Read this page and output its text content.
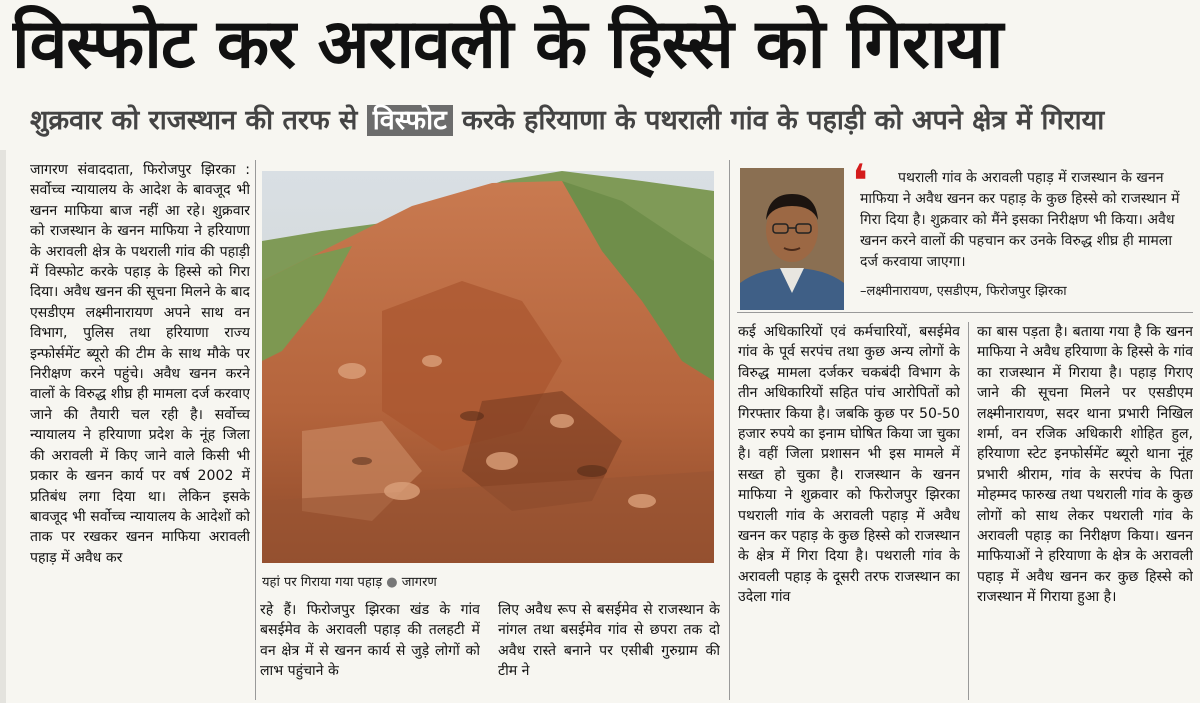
विस्फोट कर अरावली के हिस्से को गिराया
शुक्रवार को राजस्थान की तरफ से विस्फोट करके हरियाणा के पथराली गांव के पहाड़ी को अपने क्षेत्र में गिराया

जागरण संवाददाता, फिरोजपुर झिरका : सर्वोच्च न्यायालय के आदेश के बावजूद भी खनन माफिया बाज नहीं आ रहे। शुक्रवार को राजस्थान के खनन माफिया ने हरियाणा के अरावली क्षेत्र के पथराली गांव की पहाड़ी में विस्फोट करके पहाड़ के हिस्से को गिरा दिया। अवैध खनन की सूचना मिलने के बाद एसडीएम लक्ष्मीनारायण अपने साथ वन विभाग, पुलिस तथा हरियाणा राज्य इन्फोर्समेंट ब्यूरो की टीम के साथ मौके पर निरीक्षण करने पहुंचे। अवैध खनन करने वालों के विरुद्ध शीघ्र ही मामला दर्ज करवाए जाने की तैयारी चल रही है। सर्वोच्च न्यायालय ने हरियाणा प्रदेश के नूंह जिला की अरावली में किए जाने वाले किसी भी प्रकार के खनन कार्य पर वर्ष 2002 में प्रतिबंध लगा दिया था। लेकिन इसके बावजूद भी सर्वोच्च न्यायालय के आदेशों को ताक पर रखकर खनन माफिया अरावली पहाड़ में अवैध कर

यहां पर गिराया गया पहाड़ ● जागरण

रहे हैं। फिरोजपुर झिरका खंड के गांव बसईमेव के अरावली पहाड़ की तलहटी में वन क्षेत्र में से खनन कार्य से जुड़े लोगों को लाभ पहुंचाने के

लिए अवैध रूप से बसईमेव से राजस्थान के नांगल तथा बसईमेव गांव से छपरा तक दो अवैध रास्ते बनाने पर एसीबी गुरुग्राम की टीम ने

❛	पथराली गांव के अरावली पहाड़ में राजस्थान के खनन माफिया ने अवैध खनन कर पहाड़ के कुछ हिस्से को राजस्थान में गिरा दिया है। शुक्रवार को मैंने इसका निरीक्षण भी किया। अवैध खनन करने वालों की पहचान कर उनके विरुद्ध शीघ्र ही मामला दर्ज करवाया जाएगा।

–लक्ष्मीनारायण, एसडीएम, फिरोजपुर झिरका

कई अधिकारियों एवं कर्मचारियों, बसईमेव गांव के पूर्व सरपंच तथा कुछ अन्य लोगों के विरुद्ध मामला दर्जकर चकबंदी विभाग के तीन अधिकारियों सहित पांच आरोपितों को गिरफ्तार किया है। जबकि कुछ पर 50-50 हजार रुपये का इनाम घोषित किया जा चुका है। वहीं जिला प्रशासन भी इस मामले में सख्त हो चुका है। राजस्थान के खनन माफिया ने शुक्रवार को फिरोजपुर झिरका पथराली गांव के अरावली पहाड़ में अवैध खनन कर पहाड़ के कुछ हिस्से को राजस्थान के क्षेत्र में गिरा दिया है। पथराली गांव के अरावली पहाड़ के दूसरी तरफ राजस्थान का उदेला गांव

का बास पड़ता है। बताया गया है कि खनन माफिया ने अवैध हरियाणा के हिस्से के गांव का राजस्थान में गिराया है। पहाड़ गिराए जाने की सूचना मिलने पर एसडीएम लक्ष्मीनारायण, सदर थाना प्रभारी निखिल शर्मा, वन रजिक अधिकारी शोहित हुल, हरियाणा स्टेट इनफोर्समेंट ब्यूरो थाना नूंह प्रभारी श्रीराम, गांव के सरपंच के पिता मोहम्मद फारुख तथा पथराली गांव के कुछ लोगों को साथ लेकर पथराली गांव के अरावली पहाड़ का निरीक्षण किया। खनन माफियाओं ने हरियाणा के क्षेत्र के अरावली पहाड़ में अवैध खनन कर कुछ हिस्से को राजस्थान में गिराया हुआ है।
